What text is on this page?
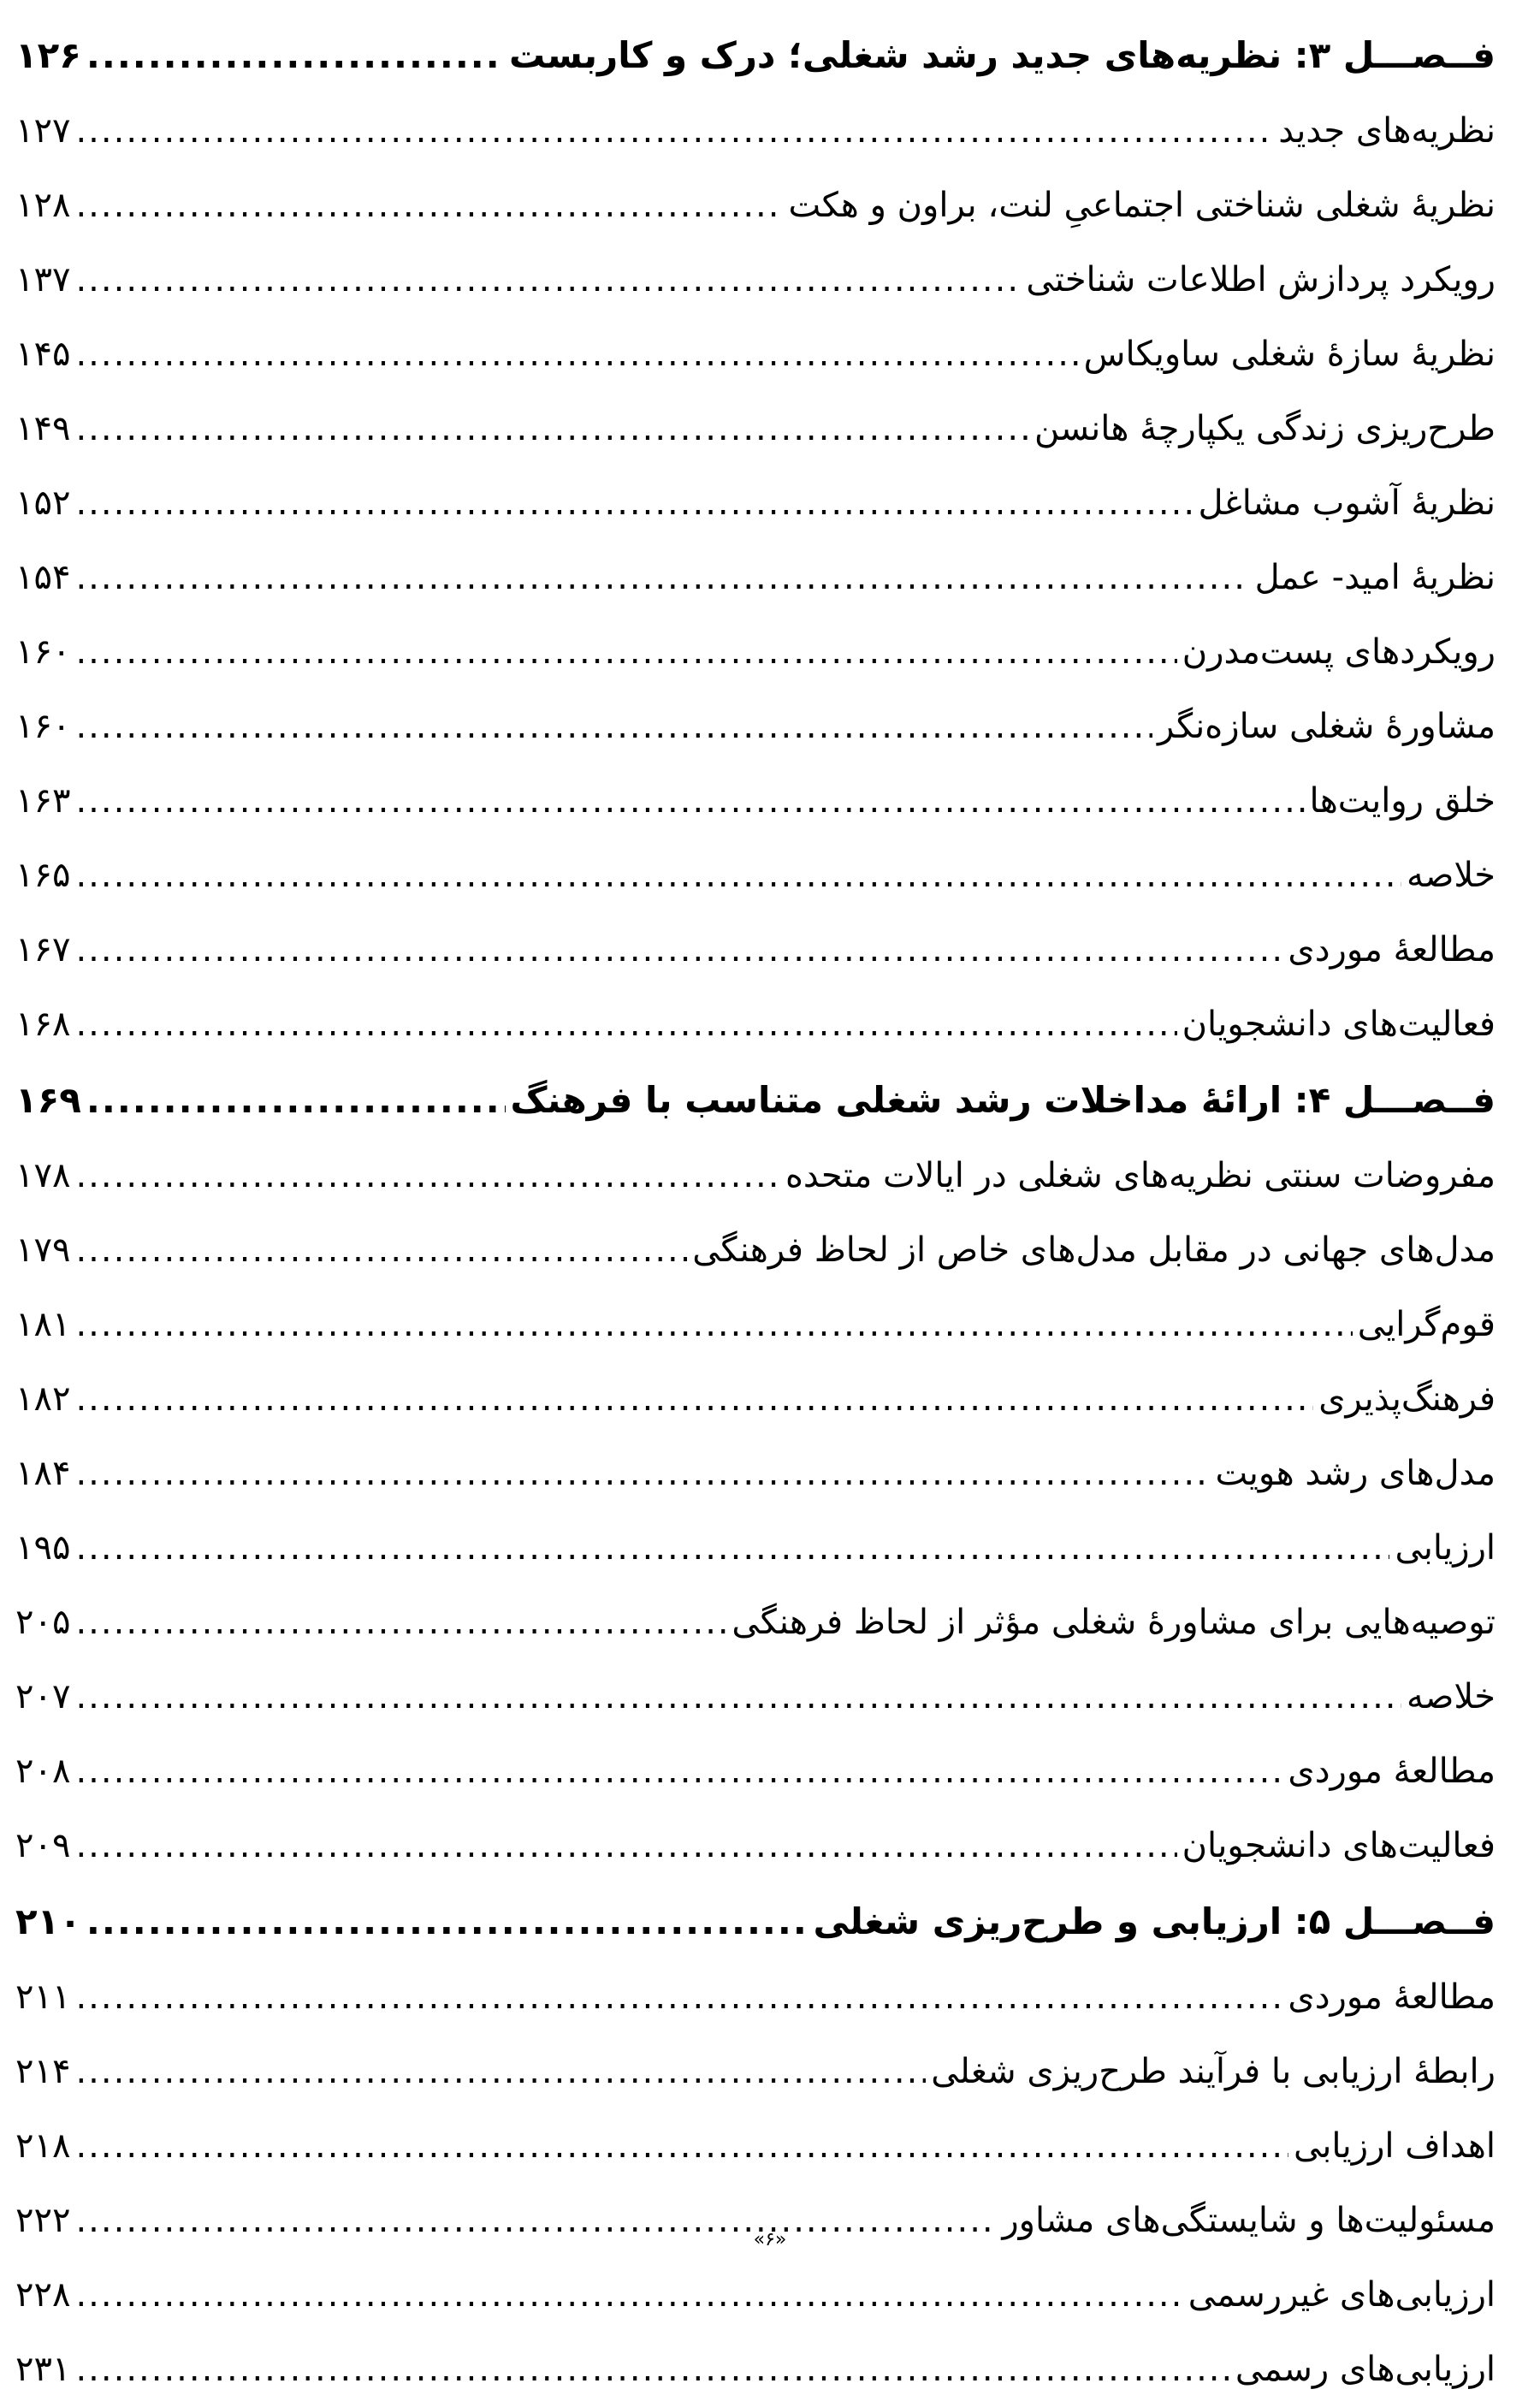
فــصـــل ۳: نظریه‌های جدید رشد شغلی؛ درک و کاربست
.....
۱۲۶
نظریه‌های جدید
.....
۱۲۷
نظریهٔ شغلی شناختی اجتماعیِ لنت، براون و هکت
.....
۱۲۸
رویکرد پردازش اطلاعات شناختی
.....
۱۳۷
نظریهٔ سازهٔ شغلی ساویکاس
.....
۱۴۵
طرح‌ریزی زندگی یکپارچهٔ هانسن
.....
۱۴۹
نظریهٔ آشوب مشاغل
.....
۱۵۲
نظریهٔ امید- عمل
.....
۱۵۴
رویکردهای پست‌مدرن
.....
۱۶۰
مشاورهٔ شغلی سازه‌نگر
.....
۱۶۰
خلق روایت‌ها
.....
۱۶۳
خلاصه
.....
۱۶۵
مطالعهٔ موردی
.....
۱۶۷
فعالیت‌های دانشجویان
.....
۱۶۸
فــصـــل ۴: ارائهٔ مداخلات رشد شغلی متناسب با فرهنگ
.....
۱۶۹
مفروضات سنتی نظریه‌های شغلی در ایالات متحده
.....
۱۷۸
مدل‌های جهانی در مقابل مدل‌های خاص از لحاظ فرهنگی
.....
۱۷۹
قوم‌گرایی
.....
۱۸۱
فرهنگ‌پذیری
.....
۱۸۲
مدل‌های رشد هویت
.....
۱۸۴
ارزیابی
.....
۱۹۵
توصیه‌هایی برای مشاورهٔ شغلی مؤثر از لحاظ فرهنگی
.....
۲۰۵
خلاصه
.....
۲۰۷
مطالعهٔ موردی
.....
۲۰۸
فعالیت‌های دانشجویان
.....
۲۰۹
فــصـــل ۵: ارزیابی و طرح‌ریزی شغلی
.....
۲۱۰
مطالعهٔ موردی
.....
۲۱۱
رابطهٔ ارزیابی با فرآیند طرح‌ریزی شغلی
.....
۲۱۴
اهداف ارزیابی
.....
۲۱۸
مسئولیت‌ها و شایستگی‌های مشاور
.....
۲۲۲
ارزیابی‌های غیررسمی
.....
۲۲۸
ارزیابی‌های رسمی
.....
۲۳۱
«۶»
